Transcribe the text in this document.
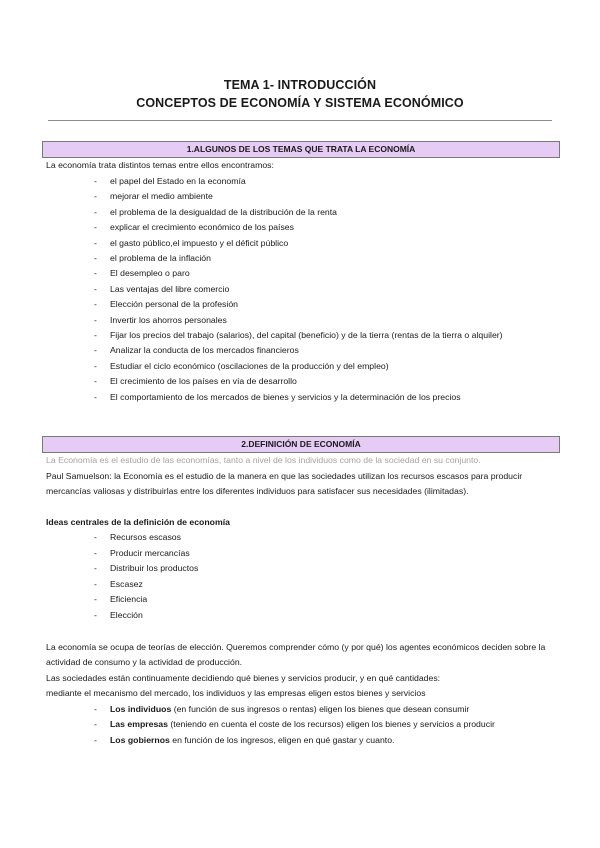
TEMA 1- INTRODUCCIÓN
CONCEPTOS DE ECONOMÍA Y SISTEMA ECONÓMICO
1.ALGUNOS DE LOS TEMAS QUE TRATA LA ECONOMÍA
La economía trata distintos temas entre ellos encontramos:
- el papel del Estado en la economía
- mejorar el medio ambiente
- el problema de la desigualdad de la distribución de la renta
- explicar el crecimiento económico de los países
- el gasto público,el impuesto y el déficit público
- el problema de la inflación
- El desempleo o paro
- Las ventajas del libre comercio
- Elección personal de la profesión
- Invertir los ahorros personales
- Fijar los precios del trabajo (salarios), del capital (beneficio) y de la tierra (rentas de la tierra o alquiler)
- Analizar la conducta de los mercados financieros
- Estudiar el ciclo económico (oscilaciones de la producción y del empleo)
- El crecimiento de los países en vía de desarrollo
- El comportamiento de los mercados de bienes y servicios y la determinación de los precios
2.DEFINICIÓN DE ECONOMÍA
La Economía es el estudio de las economías, tanto a nivel de los individuos como de la sociedad en su conjunto.
Paul Samuelson: la Economía es el estudio de la manera en que las sociedades utilizan los recursos escasos para producir mercancías valiosas y distribuirlas entre los diferentes individuos para satisfacer sus necesidades (ilimitadas).
Ideas centrales de la definición de economía
- Recursos escasos
- Producir mercancías
- Distribuir los productos
- Escasez
- Eficiencia
- Elección
La economía se ocupa de teorías de elección. Queremos comprender cómo (y por qué) los agentes económicos deciden sobre la actividad de consumo y la actividad de producción.
Las sociedades están continuamente decidiendo qué bienes y servicios producir, y en qué cantidades:
mediante el mecanismo del mercado, los individuos y las empresas eligen estos bienes y servicios
- Los individuos (en función de sus ingresos o rentas) eligen los bienes que desean consumir
- Las empresas (teniendo en cuenta el coste de los recursos) eligen los bienes y servicios a producir
- Los gobiernos en función de los ingresos, eligen en qué gastar y cuanto.
